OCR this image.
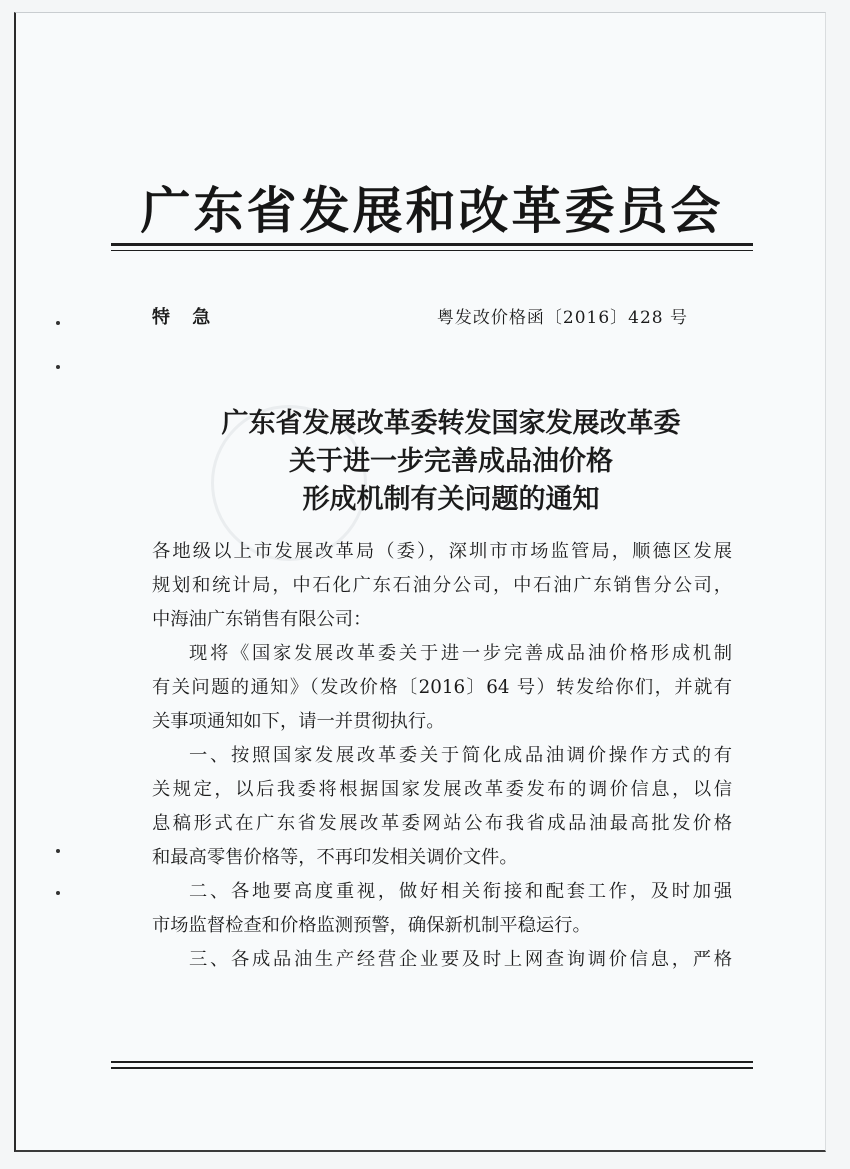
广东省发展和改革委员会
特 急	粤发改价格函〔2016〕428 号
广东省发展改革委转发国家发展改革委
关于进一步完善成品油价格
形成机制有关问题的通知
各地级以上市发展改革局（委），深圳市市场监管局，顺德区发展
规划和统计局，中石化广东石油分公司，中石油广东销售分公司，
中海油广东销售有限公司：
现将《国家发展改革委关于进一步完善成品油价格形成机制
有关问题的通知》（发改价格〔2016〕64 号）转发给你们，并就有
关事项通知如下，请一并贯彻执行。
一、按照国家发展改革委关于简化成品油调价操作方式的有
关规定，以后我委将根据国家发展改革委发布的调价信息，以信
息稿形式在广东省发展改革委网站公布我省成品油最高批发价格
和最高零售价格等，不再印发相关调价文件。
二、各地要高度重视，做好相关衔接和配套工作，及时加强
市场监督检查和价格监测预警，确保新机制平稳运行。
三、各成品油生产经营企业要及时上网查询调价信息，严格
